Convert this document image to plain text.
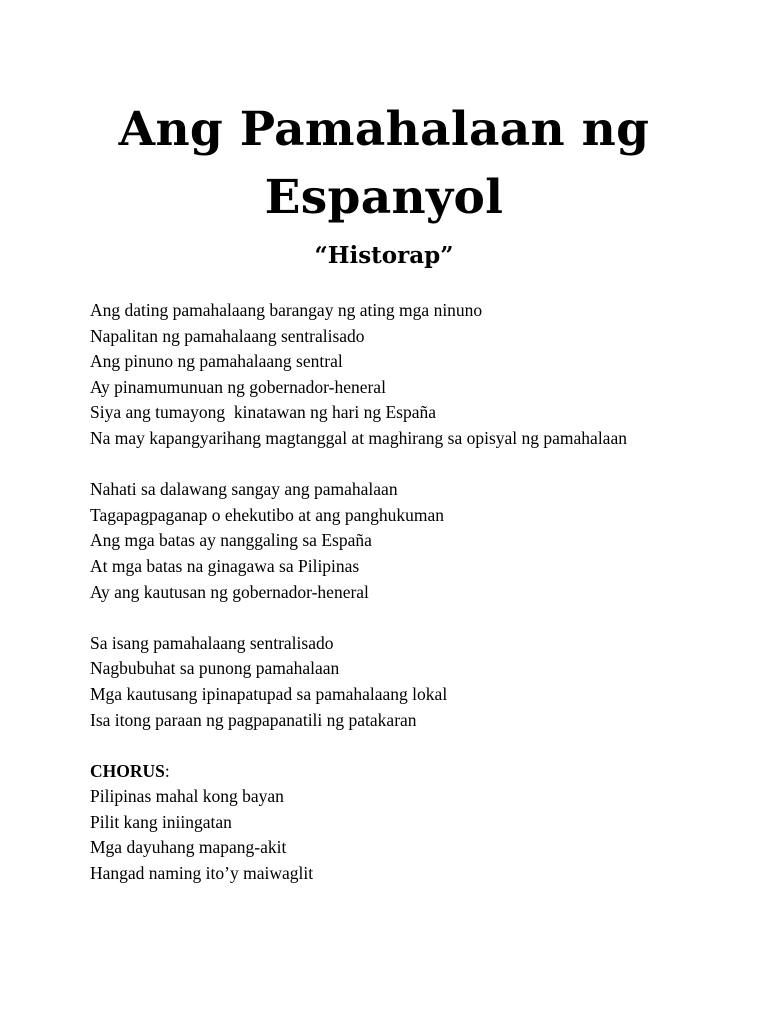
Ang Pamahalaan ng
Espanyol
“Historap”
Ang dating pamahalaang barangay ng ating mga ninuno
Napalitan ng pamahalaang sentralisado
Ang pinuno ng pamahalaang sentral
Ay pinamumunuan ng gobernador-heneral
Siya ang tumayong  kinatawan ng hari ng España
Na may kapangyarihang magtanggal at maghirang sa opisyal ng pamahalaan
Nahati sa dalawang sangay ang pamahalaan
Tagapagpaganap o ehekutibo at ang panghukuman
Ang mga batas ay nanggaling sa España
At mga batas na ginagawa sa Pilipinas
Ay ang kautusan ng gobernador-heneral
Sa isang pamahalaang sentralisado
Nagbubuhat sa punong pamahalaan
Mga kautusang ipinapatupad sa pamahalaang lokal
Isa itong paraan ng pagpapanatili ng patakaran
CHORUS:
Pilipinas mahal kong bayan
Pilit kang iniingatan
Mga dayuhang mapang-akit
Hangad naming ito’y maiwaglit
